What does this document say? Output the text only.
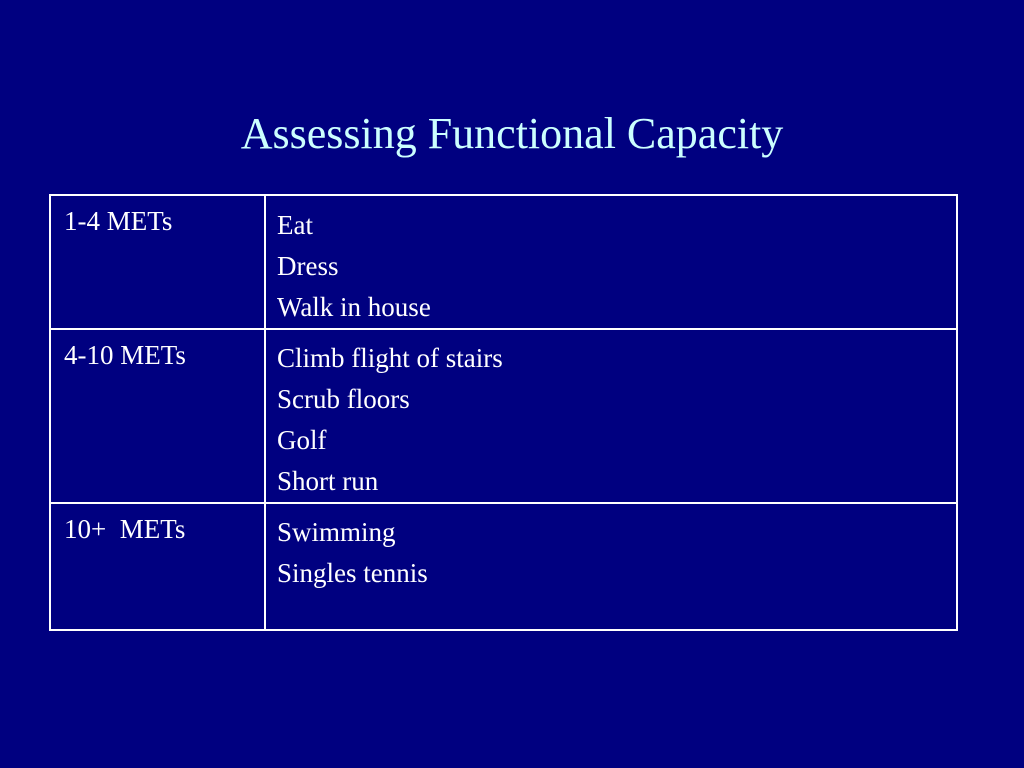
Assessing Functional Capacity
1-4 METs	Eat
Dress
Walk in house

4-10 METs	Climb flight of stairs
Scrub floors
Golf
Short run

10+  METs	Swimming
Singles tennis
